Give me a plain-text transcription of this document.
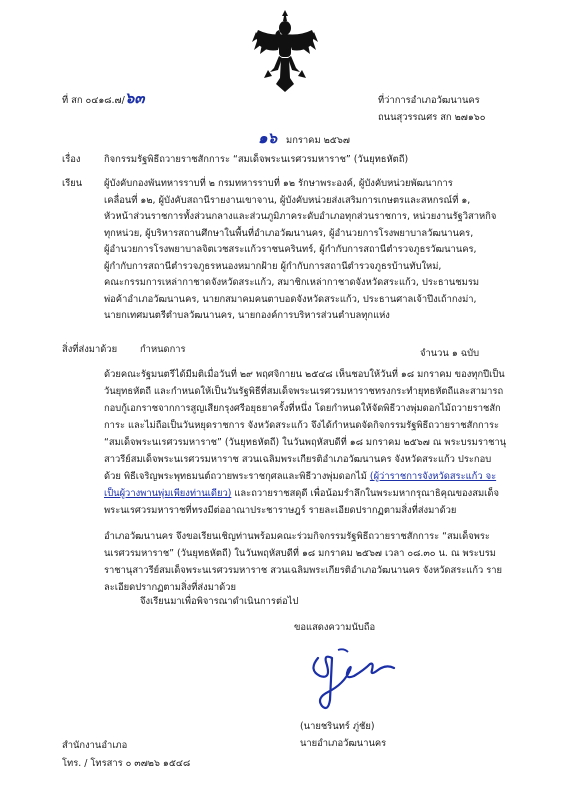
ที่ สก ๐๔๑๘.๗/๖๓	ที่ว่าการอำเภอวัฒนานคร
ถนนสุวรรณศร สก ๒๗๑๖๐
๑๖ มกราคม ๒๕๖๗
เรื่อง	กิจกรรมรัฐพิธีถวายราชสักการะ “สมเด็จพระนเรศวรมหาราช” (วันยุทธหัตถี)
เรียน ผู้บังคับกองพันทหารราบที่ ๒ กรมทหารราบที่ ๑๒ รักษาพระองค์, ผู้บังคับหน่วยพัฒนาการ
เคลื่อนที่ ๑๒, ผู้บังคับสถานีรายงานเขาจาน, ผู้บังคับหน่วยส่งเสริมการเกษตรและสหกรณ์ที่ ๑,
หัวหน้าส่วนราชการทั้งส่วนกลางและส่วนภูมิภาคระดับอำเภอทุกส่วนราชการ, หน่วยงานรัฐวิสาหกิจ
ทุกหน่วย, ผู้บริหารสถานศึกษาในพื้นที่อำเภอวัฒนานคร, ผู้อำนวยการโรงพยาบาลวัฒนานคร,
ผู้อำนวยการโรงพยาบาลจิตเวชสระแก้วราชนครินทร์, ผู้กำกับการสถานีตำรวจภูธรวัฒนานคร,
ผู้กำกับการสถานีตำรวจภูธรหนองหมากฝ้าย ผู้กำกับการสถานีตำรวจภูธรบ้านทับใหม่,
คณะกรรมการเหล่ากาชาดจังหวัดสระแก้ว, สมาชิกเหล่ากาชาดจังหวัดสระแก้ว, ประธานชมรม
พ่อค้าอำเภอวัฒนานคร, นายกสมาคมคนตาบอดจังหวัดสระแก้ว, ประธานศาลเจ้าปึงเถ้ากงม่า,
นายกเทศมนตรีตำบลวัฒนานคร, นายกองค์การบริหารส่วนตำบลทุกแห่ง
สิ่งที่ส่งมาด้วย กำหนดการ	จำนวน ๑ ฉบับ
ด้วยคณะรัฐมนตรีได้มีมติเมื่อวันที่ ๒๙ พฤศจิกายน ๒๕๔๘ เห็นชอบให้วันที่ ๑๘ มกราคม ของทุกปีเป็นวันยุทธหัตถี และกำหนดให้เป็นวันรัฐพิธีที่สมเด็จพระนเรศวรมหาราชทรงกระทำยุทธหัตถีและสามารถกอบกู้เอกราชจากการสูญเสียกรุงศรีอยุธยาครั้งที่หนึ่ง โดยกำหนดให้จัดพิธีวางพุ่มดอกไม้ถวายราชสักการะ และไม่ถือเป็นวันหยุดราชการ จังหวัดสระแก้ว จึงได้กำหนดจัดกิจกรรมรัฐพิธีถวายราชสักการะ “สมเด็จพระนเรศวรมหาราช” (วันยุทธหัตถี) ในวันพฤหัสบดีที่ ๑๘ มกราคม ๒๕๖๗ ณ พระบรมราชานุสาวรีย์สมเด็จพระนเรศวรมหาราช สวนเฉลิมพระเกียรติอำเภอวัฒนานคร จังหวัดสระแก้ว ประกอบด้วย พิธีเจริญพระพุทธมนต์ถวายพระราชกุศลและพิธีวางพุ่มดอกไม้ (ผู้ว่าราชการจังหวัดสระแก้ว จะเป็นผู้วางพานพุ่มเพียงท่านเดียว) และถวายราชสดุดี เพื่อน้อมรำลึกในพระมหากรุณาธิคุณของสมเด็จพระนเรศวรมหาราชที่ทรงมีต่ออาณาประชาราษฎร์ รายละเอียดปรากฏตามสิ่งที่ส่งมาด้วย
อำเภอวัฒนานคร จึงขอเรียนเชิญท่านพร้อมคณะร่วมกิจกรรมรัฐพิธีถวายราชสักการะ “สมเด็จพระนเรศวรมหาราช” (วันยุทธหัตถี) ในวันพฤหัสบดีที่ ๑๘ มกราคม ๒๕๖๗ เวลา ๐๘.๓๐ น. ณ พระบรมราชานุสาวรีย์สมเด็จพระนเรศวรมหาราช สวนเฉลิมพระเกียรติอำเภอวัฒนานคร จังหวัดสระแก้ว รายละเอียดปรากฏตามสิ่งที่ส่งมาด้วย
จึงเรียนมาเพื่อพิจารณาดำเนินการต่อไป
ขอแสดงความนับถือ
(นายชรินทร์ ภู่ชัย)
นายอำเภอวัฒนานคร
สำนักงานอำเภอ
โทร. / โทรสาร ๐ ๓๗๒๖ ๑๕๔๘
